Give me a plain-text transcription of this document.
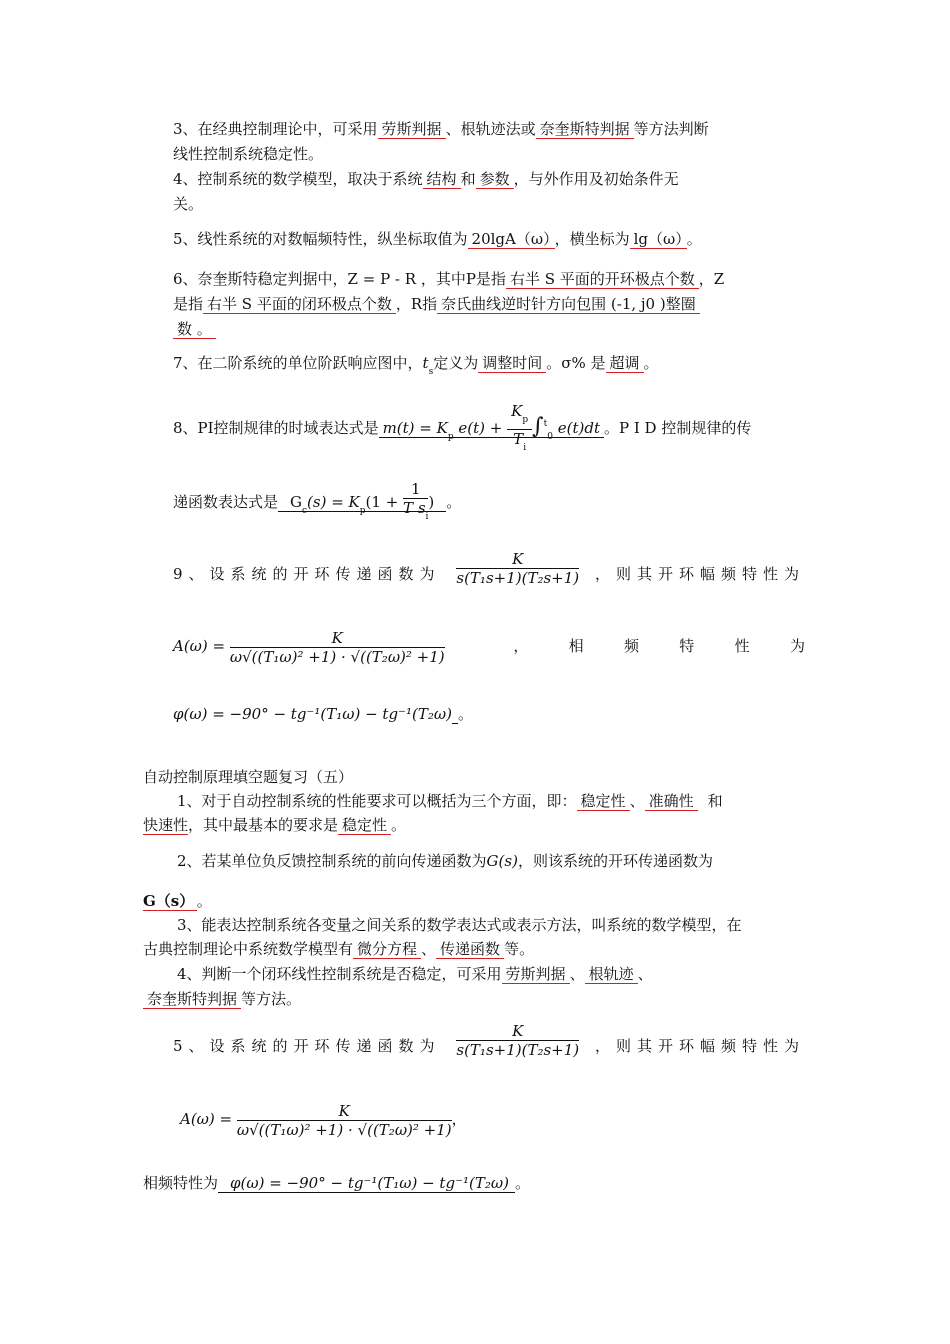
3、在经典控制理论中，可采用 劳斯判据 、根轨迹法或 奈奎斯特判据 等方法判断
线性控制系统稳定性。
4、控制系统的数学模型，取决于系统 结构 和 参数 ，与外作用及初始条件无
关。
5、线性系统的对数幅频特性，纵坐标取值为 20lgA（ω） ，横坐标为 lg（ω） 。
6、奈奎斯特稳定判据中，Z = P - R ，其中P是指 右半 S 平面的开环极点个数 ，Z
是指 右半 S 平面的闭环极点个数 ，R指 奈氏曲线逆时针方向包围 (-1, j0 )整圈
数 。
7、在二阶系统的单位阶跃响应图中，$t_s$定义为 调整时间 。σ% 是 超调 。
8、PI控制规律的时域表达式是 $m(t) = K_p$ $e(t) + \frac{K_p}{T_i} \int^t_0$ e(t)dt 。P I D 控制规律的传
递函数表达式是 $G_c(s) = K_p(1 + \frac{1}{T s_i}$ ) 。
9、设系统的开环传递函数为 $\frac{K}{\text{s(T₁s+1)(T₂s+1)}}$ ，则其开环幅频特性为
$A(\omega) = \frac{K}{\text{ω√((T₁ω)² +1) · √((T₂ω)² +1)}}$	，	相	频	特	性	为
φ(ω) = −90° − tg⁻¹(T₁ω) − tg⁻¹(T₂ω) 。
自动控制原理填空题复习（五）
1、对于自动控制系统的性能要求可以概括为三个方面，即： 稳定性 、 准确性 和
快速性，其中最基本的要求是 稳定性 。
2、若某单位负反馈控制系统的前向传递函数为G(s)，则该系统的开环传递函数为
G（s） 。
3、能表达控制系统各变量之间关系的数学表达式或表示方法，叫系统的数学模型，在
古典控制理论中系统数学模型有 微分方程 、 传递函数 等。
4、判断一个闭环线性控制系统是否稳定，可采用 劳斯判据 、 根轨迹 、
奈奎斯特判据 等方法。
5、设系统的开环传递函数为 $\frac{K}{\text{s(T₁s+1)(T₂s+1)}}$ ，则其开环幅频特性为
$A(\omega) = \frac{K}{\text{ω√((T₁ω)² +1) · √((T₂ω)² +1)}}$ ，
相频特性为 φ(ω) = −90° − tg⁻¹(T₁ω) − tg⁻¹(T₂ω) 。
